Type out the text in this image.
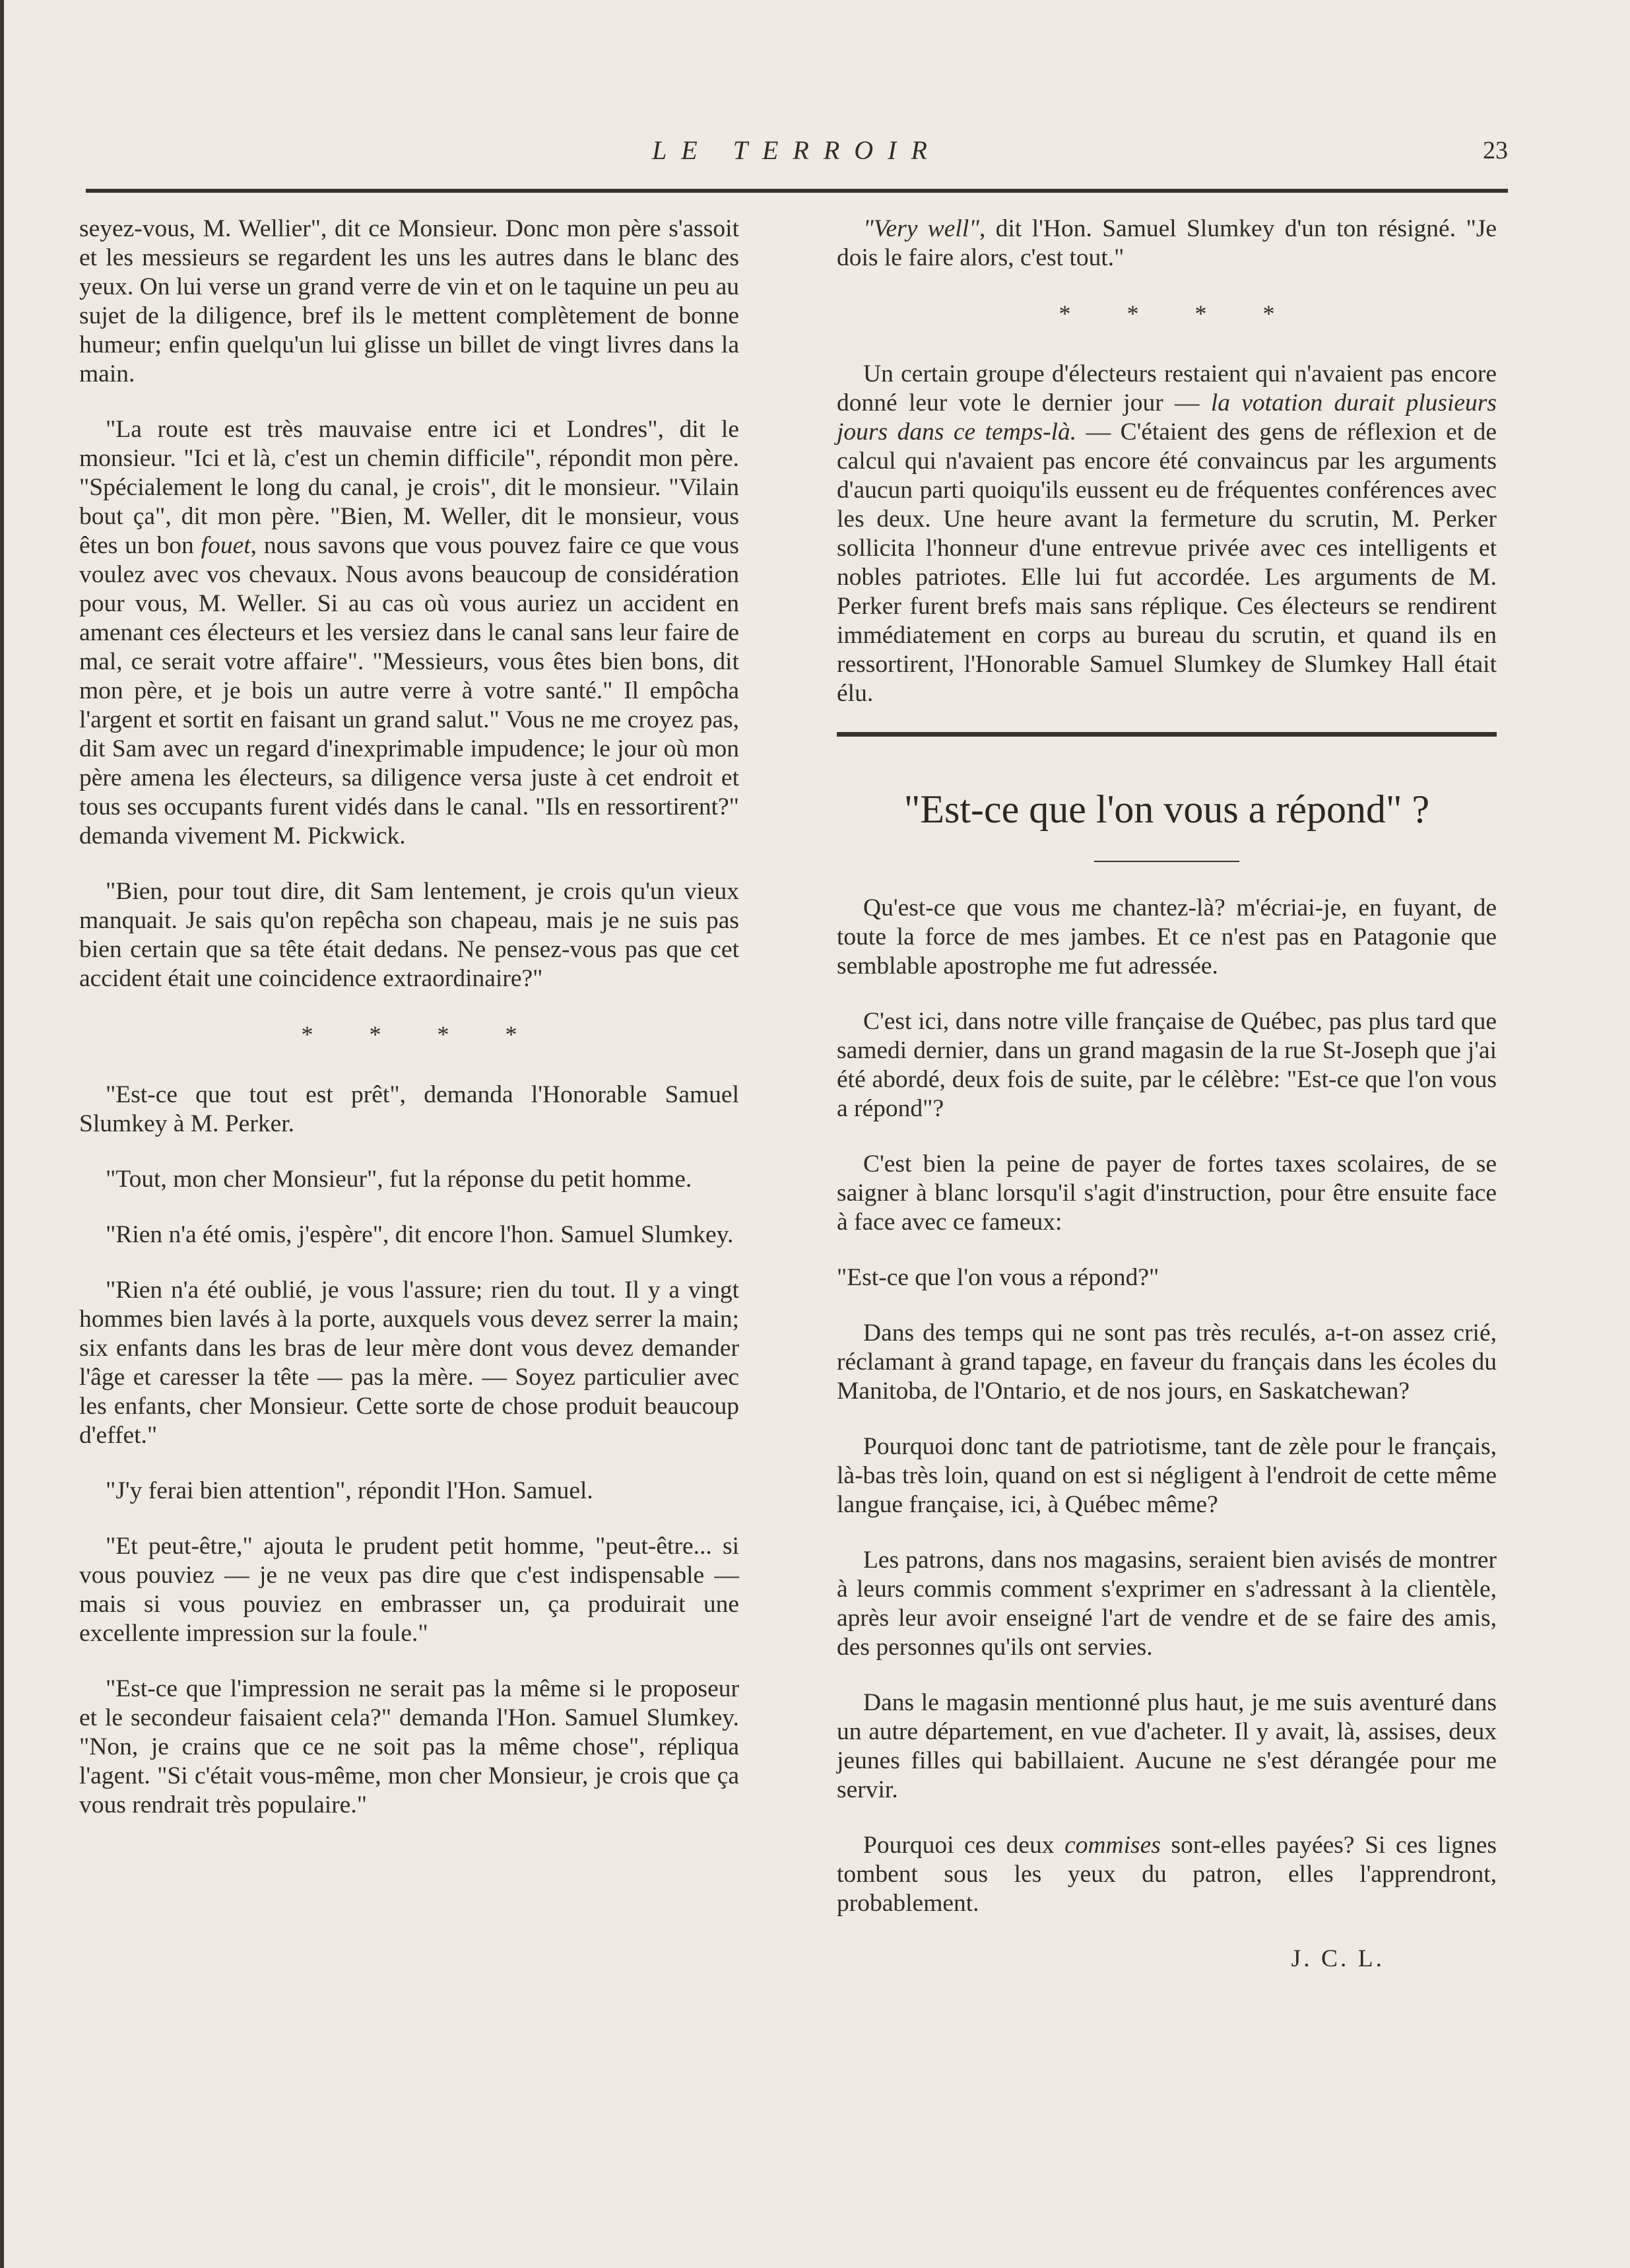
LE TERROIR	23

seyez-vous, M. Wellier", dit ce Monsieur. Donc mon père s'assoit et les messieurs se regardent les uns les autres dans le blanc des yeux. On lui verse un grand verre de vin et on le taquine un peu au sujet de la diligence, bref ils le mettent complètement de bonne humeur; enfin quelqu'un lui glisse un billet de vingt livres dans la main.

"La route est très mauvaise entre ici et Londres", dit le monsieur. "Ici et là, c'est un chemin difficile", répondit mon père. "Spécialement le long du canal, je crois", dit le monsieur. "Vilain bout ça", dit mon père. "Bien, M. Weller, dit le monsieur, vous êtes un bon fouet, nous savons que vous pouvez faire ce que vous voulez avec vos chevaux. Nous avons beaucoup de considération pour vous, M. Weller. Si au cas où vous auriez un accident en amenant ces électeurs et les versiez dans le canal sans leur faire de mal, ce serait votre affaire". "Messieurs, vous êtes bien bons, dit mon père, et je bois un autre verre à votre santé." Il empôcha l'argent et sortit en faisant un grand salut." Vous ne me croyez pas, dit Sam avec un regard d'inexprimable impudence; le jour où mon père amena les électeurs, sa diligence versa juste à cet endroit et tous ses occupants furent vidés dans le canal. "Ils en ressortirent?" demanda vivement M. Pickwick.

"Bien, pour tout dire, dit Sam lentement, je crois qu'un vieux manquait. Je sais qu'on repêcha son chapeau, mais je ne suis pas bien certain que sa tête était dedans. Ne pensez-vous pas que cet accident était une coincidence extraordinaire?"

* * * *

"Est-ce que tout est prêt", demanda l'Honorable Samuel Slumkey à M. Perker.

"Tout, mon cher Monsieur", fut la réponse du petit homme.

"Rien n'a été omis, j'espère", dit encore l'hon. Samuel Slumkey.

"Rien n'a été oublié, je vous l'assure; rien du tout. Il y a vingt hommes bien lavés à la porte, auxquels vous devez serrer la main; six enfants dans les bras de leur mère dont vous devez demander l'âge et caresser la tête — pas la mère. — Soyez particulier avec les enfants, cher Monsieur. Cette sorte de chose produit beaucoup d'effet."

"J'y ferai bien attention", répondit l'Hon. Samuel.

"Et peut-être," ajouta le prudent petit homme, "peut-être... si vous pouviez — je ne veux pas dire que c'est indispensable — mais si vous pouviez en embrasser un, ça produirait une excellente impression sur la foule."

"Est-ce que l'impression ne serait pas la même si le proposeur et le secondeur faisaient cela?" demanda l'Hon. Samuel Slumkey. "Non, je crains que ce ne soit pas la même chose", répliqua l'agent. "Si c'était vous-même, mon cher Monsieur, je crois que ça vous rendrait très populaire."

"Very well", dit l'Hon. Samuel Slumkey d'un ton résigné. "Je dois le faire alors, c'est tout."

* * * *

Un certain groupe d'électeurs restaient qui n'avaient pas encore donné leur vote le dernier jour — la votation durait plusieurs jours dans ce temps-là. — C'étaient des gens de réflexion et de calcul qui n'avaient pas encore été convaincus par les arguments d'aucun parti quoiqu'ils eussent eu de fréquentes conférences avec les deux. Une heure avant la fermeture du scrutin, M. Perker sollicita l'honneur d'une entrevue privée avec ces intelligents et nobles patriotes. Elle lui fut accordée. Les arguments de M. Perker furent brefs mais sans réplique. Ces électeurs se rendirent immédiatement en corps au bureau du scrutin, et quand ils en ressortirent, l'Honorable Samuel Slumkey de Slumkey Hall était élu.

"Est-ce que l'on vous a répond" ?

Qu'est-ce que vous me chantez-là? m'écriai-je, en fuyant, de toute la force de mes jambes. Et ce n'est pas en Patagonie que semblable apostrophe me fut adressée.

C'est ici, dans notre ville française de Québec, pas plus tard que samedi dernier, dans un grand magasin de la rue St-Joseph que j'ai été abordé, deux fois de suite, par le célèbre: "Est-ce que l'on vous a répond"?

C'est bien la peine de payer de fortes taxes scolaires, de se saigner à blanc lorsqu'il s'agit d'instruction, pour être ensuite face à face avec ce fameux:

"Est-ce que l'on vous a répond?"

Dans des temps qui ne sont pas très reculés, a-t-on assez crié, réclamant à grand tapage, en faveur du français dans les écoles du Manitoba, de l'Ontario, et de nos jours, en Saskatchewan?

Pourquoi donc tant de patriotisme, tant de zèle pour le français, là-bas très loin, quand on est si négligent à l'endroit de cette même langue française, ici, à Québec même?

Les patrons, dans nos magasins, seraient bien avisés de montrer à leurs commis comment s'exprimer en s'adressant à la clientèle, après leur avoir enseigné l'art de vendre et de se faire des amis, des personnes qu'ils ont servies.

Dans le magasin mentionné plus haut, je me suis aventuré dans un autre département, en vue d'acheter. Il y avait, là, assises, deux jeunes filles qui babillaient. Aucune ne s'est dérangée pour me servir.

Pourquoi ces deux commises sont-elles payées? Si ces lignes tombent sous les yeux du patron, elles l'apprendront, probablement.

J. C. L.
